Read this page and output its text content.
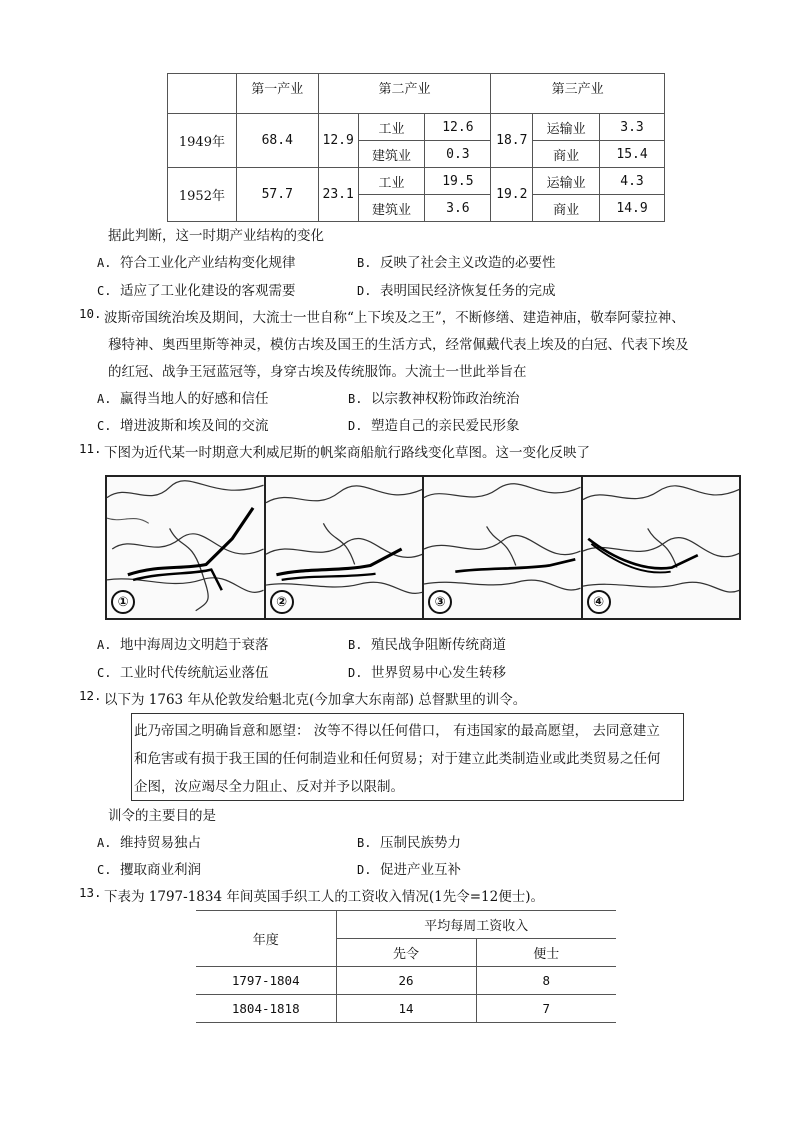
	第一产业	第二产业			第三产业		
1949年	68.4	12.9	工业	12.6	18.7	运输业	3.3
			建筑业	0.3		商业	15.4
1952年	57.7	23.1	工业	19.5	19.2	运输业	4.3
			建筑业	3.6		商业	14.9
据此判断，这一时期产业结构的变化
A. 符合工业化产业结构变化规律	B. 反映了社会主义改造的必要性
C. 适应了工业化建设的客观需要	D. 表明国民经济恢复任务的完成
10. 波斯帝国统治埃及期间，大流士一世自称“上下埃及之王”，不断修缮、建造神庙，敬奉阿蒙拉神、
穆特神、奥西里斯等神灵，模仿古埃及国王的生活方式，经常佩戴代表上埃及的白冠、代表下埃及
的红冠、战争王冠蓝冠等，身穿古埃及传统服饰。大流士一世此举旨在
A. 赢得当地人的好感和信任	B. 以宗教神权粉饰政治统治
C. 增进波斯和埃及间的交流	D. 塑造自己的亲民爱民形象
11. 下图为近代某一时期意大利威尼斯的帆桨商船航行路线变化草图。这一变化反映了
①	②	③	④
A. 地中海周边文明趋于衰落	B. 殖民战争阻断传统商道
C. 工业时代传统航运业落伍	D. 世界贸易中心发生转移
12. 以下为 1763 年从伦敦发给魁北克(今加拿大东南部) 总督默里的训令。
此乃帝国之明确旨意和愿望： 汝等不得以任何借口， 有违国家的最高愿望， 去同意建立
和危害或有损于我王国的任何制造业和任何贸易；对于建立此类制造业或此类贸易之任何
企图，汝应竭尽全力阻止、反对并予以限制。
训令的主要目的是
A. 维持贸易独占	B. 压制民族势力
C. 攫取商业利润	D. 促进产业互补
13. 下表为 1797-1834 年间英国手织工人的工资收入情况(1先令=12便士)。
年度	平均每周工资收入	
	先令	便士
1797-1804	26	8
1804-1818	14	7
